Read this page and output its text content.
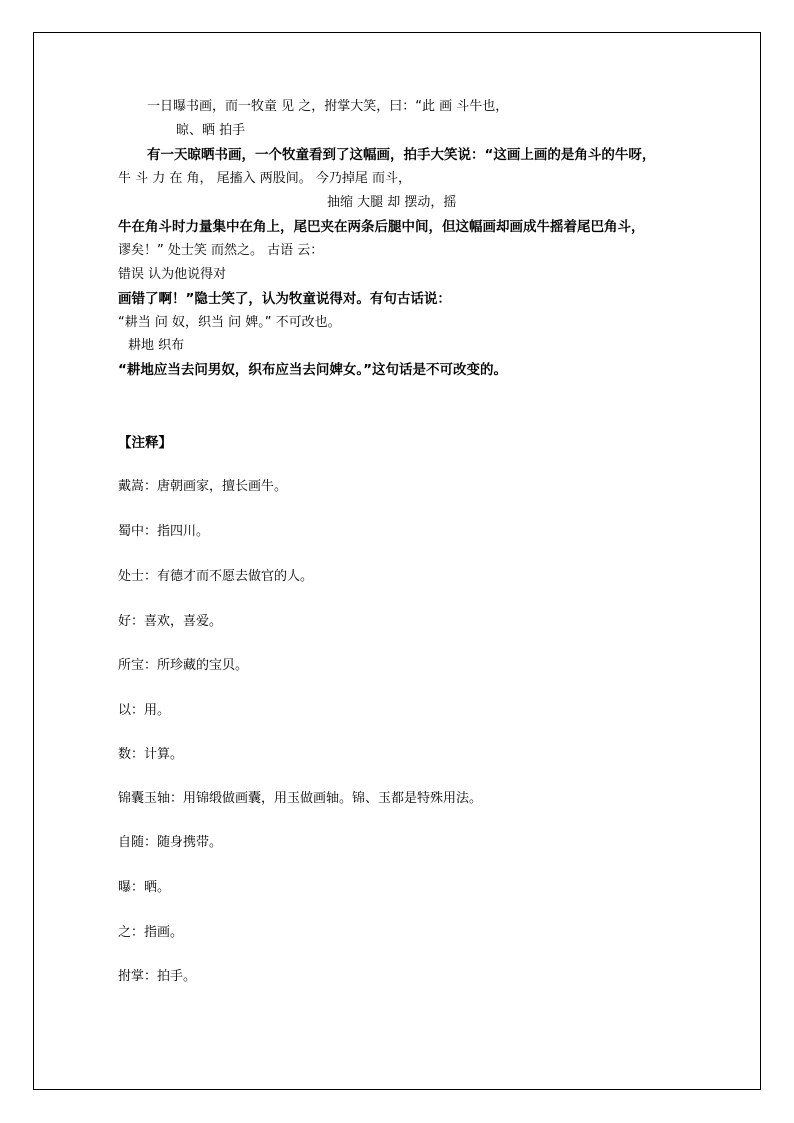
一日曝书画，而一牧童 见 之，拊掌大笑，曰：“此 画 斗牛也，
晾、晒 拍手
有一天晾晒书画，一个牧童看到了这幅画，拍手大笑说：“这画上画的是角斗的牛呀，
牛 斗 力 在 角， 尾搐入 两股间。 今乃掉尾 而斗，
抽缩 大腿 却 摆动，摇
牛在角斗时力量集中在角上，尾巴夹在两条后腿中间，但这幅画却画成牛摇着尾巴角斗，
谬矣！” 处士笑 而然之。 古语 云：
错误 认为他说得对
画错了啊！”隐士笑了，认为牧童说得对。有句古话说：
“耕当 问 奴，织当 问 婢。” 不可改也。
耕地 织布
“耕地应当去问男奴，织布应当去问婢女。”这句话是不可改变的。
【注释】
戴嵩：唐朝画家，擅长画牛。
蜀中：指四川。
处士：有德才而不愿去做官的人。
好：喜欢，喜爱。
所宝：所珍藏的宝贝。
以：用。
数：计算。
锦囊玉轴：用锦缎做画囊，用玉做画轴。锦、玉都是特殊用法。
自随：随身携带。
曝：晒。
之：指画。
拊掌：拍手。
